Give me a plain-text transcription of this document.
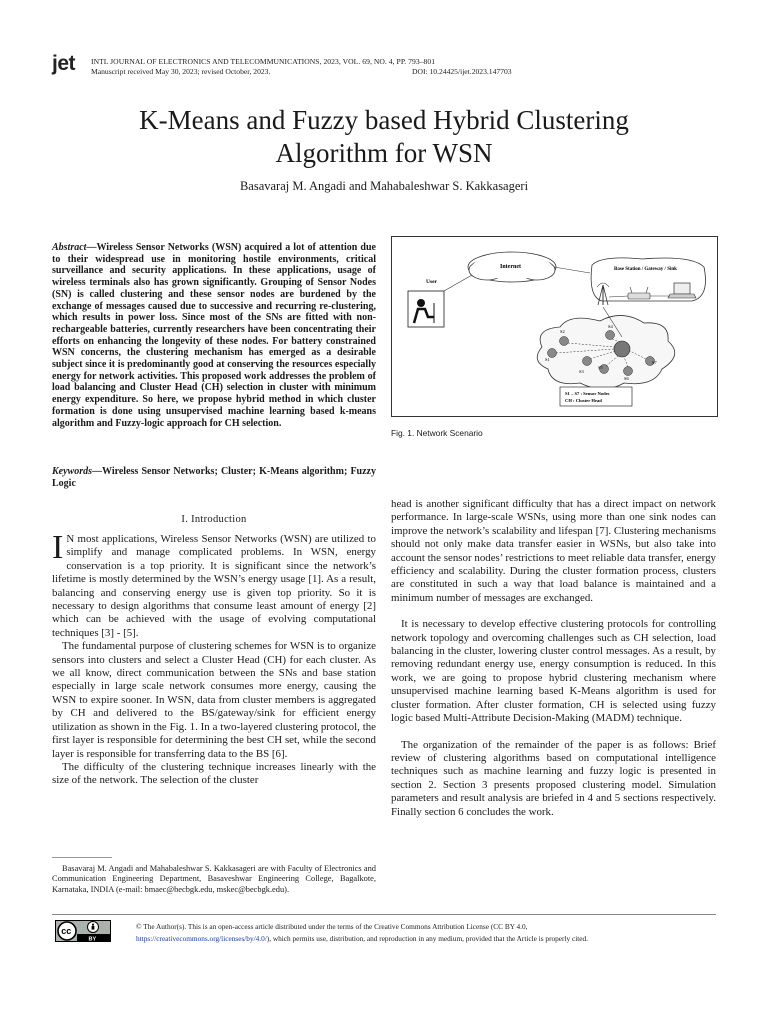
jet INTL JOURNAL OF ELECTRONICS AND TELECOMMUNICATIONS, 2023, VOL. 69, NO. 4, PP. 793–801
Manuscript received May 30, 2023; revised October, 2023.	DOI: 10.24425/ijet.2023.147703
K-Means and Fuzzy based Hybrid Clustering
Algorithm for WSN
Basavaraj M. Angadi and Mahabaleshwar S. Kakkasageri
Abstract—Wireless Sensor Networks (WSN) acquired a lot of attention due to their widespread use in monitoring hostile environments, critical surveillance and security applications. In these applications, usage of wireless terminals also has grown significantly. Grouping of Sensor Nodes (SN) is called clustering and these sensor nodes are burdened by the exchange of messages caused due to successive and recurring re-clustering, which results in power loss. Since most of the SNs are fitted with non-rechargeable batteries, currently researchers have been concentrating their efforts on enhancing the longevity of these nodes. For battery constrained WSN concerns, the clustering mechanism has emerged as a desirable subject since it is predominantly good at conserving the resources especially energy for network activities. This proposed work addresses the problem of load balancing and Cluster Head (CH) selection in cluster with minimum energy expenditure. So here, we propose hybrid method in which cluster formation is done using unsupervised machine learning based k-means algorithm and Fuzzy-logic approach for CH selection.
Keywords—Wireless Sensor Networks; Cluster; K-Means algorithm; Fuzzy Logic
I. Introduction

I N most applications, Wireless Sensor Networks (WSN) are utilized to simplify and manage complicated problems. In WSN, energy conservation is a top priority. It is significant since the network’s lifetime is mostly determined by the WSN’s energy usage [1]. As a result, balancing and conserving energy use is given top priority. So it is necessary to design algorithms that consume least amount of energy [2] which can be achieved with the usage of evolving computational techniques [3] - [5].

The fundamental purpose of clustering schemes for WSN is to organize sensors into clusters and select a Cluster Head (CH) for each cluster. As we all know, direct communication between the SNs and base station especially in large scale network consumes more energy, causing the WSN to expire sooner. In WSN, data from cluster members is aggregated by CH and delivered to the BS/gateway/sink for efficient energy utilization as shown in the Fig. 1. In a two-layered clustering protocol, the first layer is responsible for determining the best CH set, while the second layer is responsible for transferring data to the BS [6].

The difficulty of the clustering technique increases linearly with the size of the network. The selection of the cluster

Basavaraj M. Angadi and Mahabaleshwar S. Kakkasageri are with Faculty of Electronics and Communication Engineering Department, Basaveshwar Engineering College, Bagalkote, Karnataka, INDIA (e-mail: bmaec@becbgk.edu, mskec@becbgk.edu).
Internet	Base Station / Gateway / Sink
User
S2
S4
S1
S3
S5
S6
S7
S1 – S7 : Sensor Nodes
CH : Cluster Head
Fig. 1. Network Scenario

head is another significant difficulty that has a direct impact on network performance. In large-scale WSNs, using more than one sink nodes can improve the network’s scalability and lifespan [7]. Clustering mechanisms should not only make data transfer easier in WSNs, but also take into account the sensor nodes’ restrictions to meet reliable data transfer, energy efficiency and scalability. During the cluster formation process, clusters are constituted in such a way that load balance is maintained and a minimum number of messages are exchanged.

It is necessary to develop effective clustering protocols for controlling network topology and overcoming challenges such as CH selection, load balancing in the cluster, lowering cluster control messages. As a result, by removing redundant energy use, energy consumption is reduced. In this work, we are going to propose hybrid clustering mechanism where unsupervised machine learning based K-Means algorithm is used for cluster formation. After cluster formation, CH is selected using fuzzy logic based Multi-Attribute Decision-Making (MADM) technique.

The organization of the remainder of the paper is as follows: Brief review of clustering algorithms based on computational intelligence techniques such as machine learning and fuzzy logic is presented in section 2. Section 3 presents proposed clustering model. Simulation parameters and result analysis are briefed in 4 and 5 sections respectively. Finally section 6 concludes the work.

cc
BY
© The Author(s). This is an open-access article distributed under the terms of the Creative Commons Attribution License (CC BY 4.0,
https://creativecommons.org/licenses/by/4.0/), which permits use, distribution, and reproduction in any medium, provided that the Article is properly cited.
